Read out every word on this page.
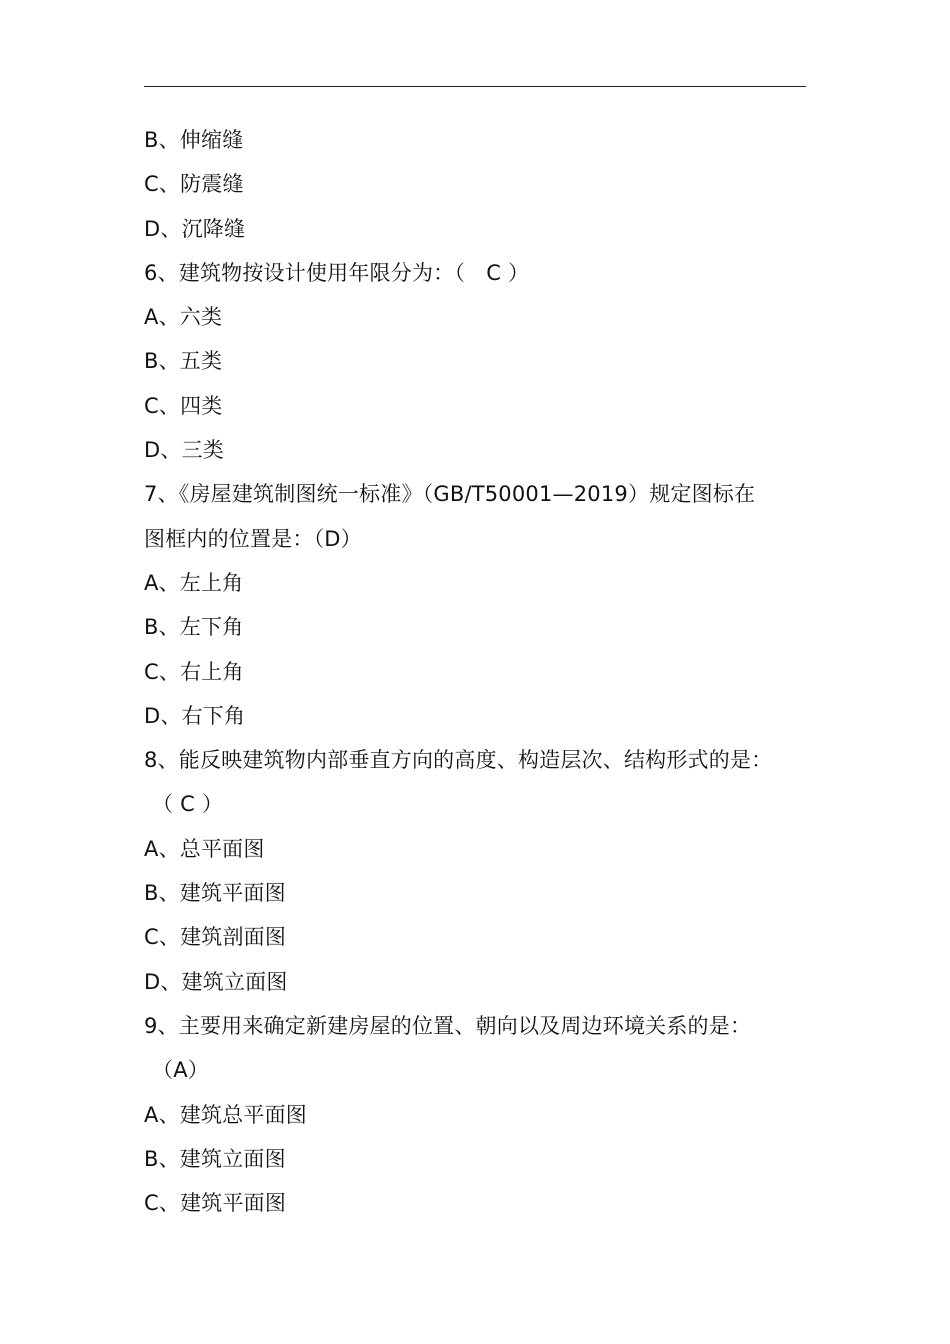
B、伸缩缝
C、防震缝
D、沉降缝
6、建筑物按设计使用年限分为：（　C ）
A、六类
B、五类
C、四类
D、三类
7、《房屋建筑制图统一标准》（GB/T50001—2019）规定图标在
图框内的位置是：（D）
A、左上角
B、左下角
C、右上角
D、右下角
8、能反映建筑物内部垂直方向的高度、构造层次、结构形式的是：
（ C ）
A、总平面图
B、建筑平面图
C、建筑剖面图
D、建筑立面图
9、主要用来确定新建房屋的位置、朝向以及周边环境关系的是：
（A）
A、建筑总平面图
B、建筑立面图
C、建筑平面图
